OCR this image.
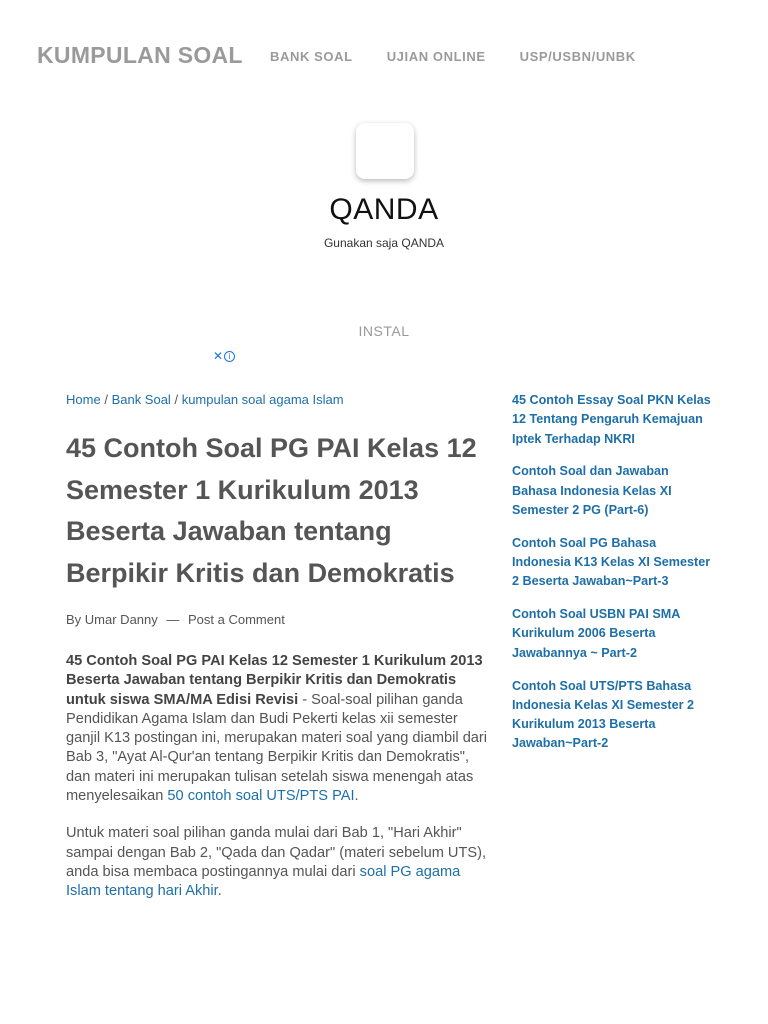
KUMPULAN SOAL BANK SOAL	UJIAN ONLINE	USP/USBN/UNBK
QANDA
Gunakan saja QANDA
INSTAL
✕ i
Home / Bank Soal / kumpulan soal agama Islam
45 Contoh Soal PG PAI Kelas 12 Semester 1 Kurikulum 2013 Beserta Jawaban tentang Berpikir Kritis dan Demokratis
By Umar Danny — Post a Comment

45 Contoh Soal PG PAI Kelas 12 Semester 1 Kurikulum 2013 Beserta Jawaban tentang Berpikir Kritis dan Demokratis untuk siswa SMA/MA Edisi Revisi - Soal-soal pilihan ganda Pendidikan Agama Islam dan Budi Pekerti kelas xii semester ganjil K13 postingan ini, merupakan materi soal yang diambil dari Bab 3, "Ayat Al-Qur'an tentang Berpikir Kritis dan Demokratis", dan materi ini merupakan tulisan setelah siswa menengah atas menyelesaikan 50 contoh soal UTS/PTS PAI.

Untuk materi soal pilihan ganda mulai dari Bab 1, "Hari Akhir" sampai dengan Bab 2, "Qada dan Qadar" (materi sebelum UTS), anda bisa membaca postingannya mulai dari soal PG agama Islam tentang hari Akhir.

45 Contoh Essay Soal PKN Kelas 12 Tentang Pengaruh Kemajuan Iptek Terhadap NKRI
Contoh Soal dan Jawaban Bahasa Indonesia Kelas XI Semester 2 PG (Part-6)
Contoh Soal PG Bahasa Indonesia K13 Kelas XI Semester 2 Beserta Jawaban~Part-3
Contoh Soal USBN PAI SMA Kurikulum 2006 Beserta Jawabannya ~ Part-2
Contoh Soal UTS/PTS Bahasa Indonesia Kelas XI Semester 2 Kurikulum 2013 Beserta Jawaban~Part-2
